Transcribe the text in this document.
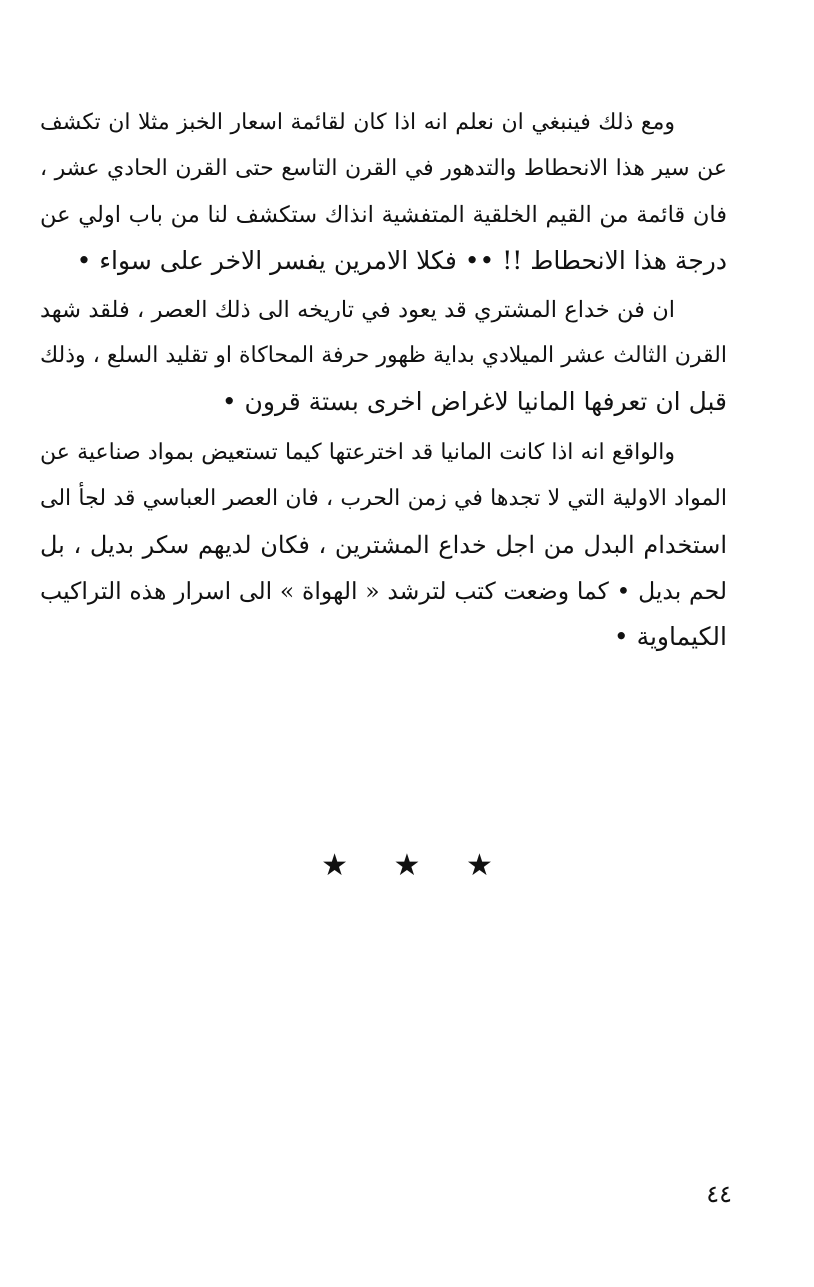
ومع ذلك فينبغي ان نعلم انه اذا كان لقائمة اسعار الخبز مثلا ان تكشف
عن سير هذا الانحطاط والتدهور في القرن التاسع حتى القرن الحادي عشر ،
فان قائمة من القيم الخلقية المتفشية انذاك ستكشف لنا من باب اولي عن
درجة هذا الانحطاط !! •• فكلا الامرين يفسر الاخر على سواء •
ان فن خداع المشتري قد يعود في تاريخه الى ذلك العصر ، فلقد شهد
القرن الثالث عشر الميلادي بداية ظهور حرفة المحاكاة او تقليد السلع ، وذلك
قبل ان تعرفها المانيا لاغراض اخرى بستة قرون •
والواقع انه اذا كانت المانيا قد اخترعتها كيما تستعيض بمواد صناعية عن
المواد الاولية التي لا تجدها في زمن الحرب ، فان العصر العباسي قد لجأ الى
استخدام البدل من اجل خداع المشترين ، فكان لديهم سكر بديل ، بل
لحم بديل • كما وضعت كتب لترشد « الهواة » الى اسرار هذه التراكيب
الكيماوية •
★ ★ ★
٤٤
